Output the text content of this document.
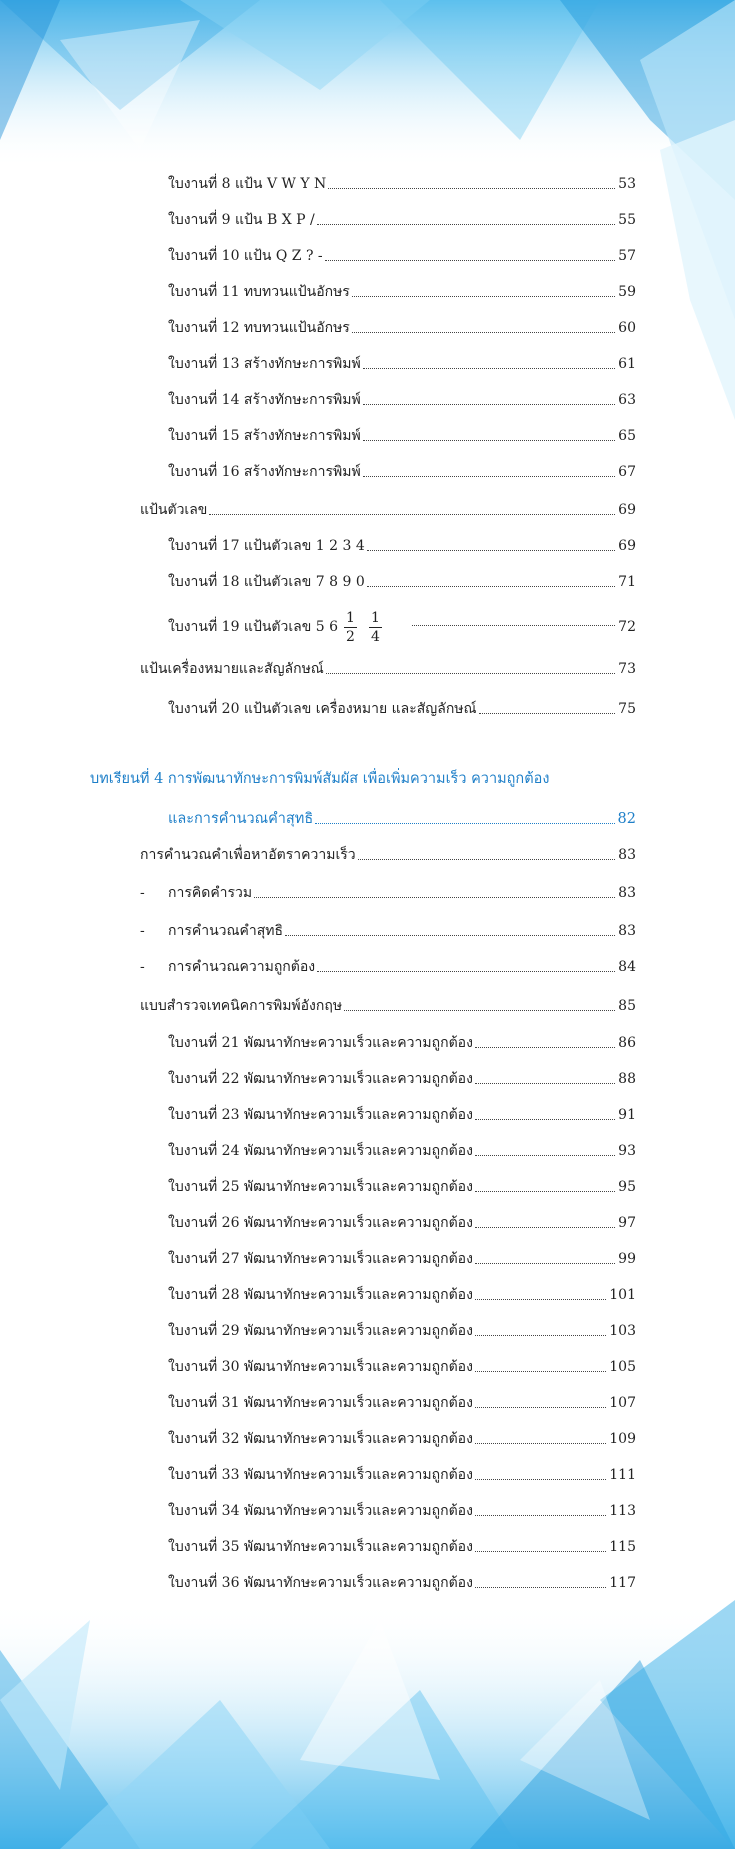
ใบงานที่ 8 แป้น V W Y N	53
ใบงานที่ 9 แป้น B X P /	55
ใบงานที่ 10 แป้น Q Z ? -	57
ใบงานที่ 11 ทบทวนแป้นอักษร	59
ใบงานที่ 12 ทบทวนแป้นอักษร	60
ใบงานที่ 13 สร้างทักษะการพิมพ์	61
ใบงานที่ 14 สร้างทักษะการพิมพ์	63
ใบงานที่ 15 สร้างทักษะการพิมพ์	65
ใบงานที่ 16 สร้างทักษะการพิมพ์	67
แป้นตัวเลข	69
ใบงานที่ 17 แป้นตัวเลข 1 2 3 4	69
ใบงานที่ 18 แป้นตัวเลข 7 8 9 0	71
ใบงานที่ 19 แป้นตัวเลข 5 $6 \frac{1}{2} \frac{1}{4}$	72
แป้นเครื่องหมายและสัญลักษณ์	73
ใบงานที่ 20 แป้นตัวเลข เครื่องหมาย และสัญลักษณ์	75
บทเรียนที่ 4 การพัฒนาทักษะการพิมพ์สัมผัส เพื่อเพิ่มความเร็ว ความถูกต้อง
และการคำนวณคำสุทธิ	82
การคำนวณคำเพื่อหาอัตราความเร็ว	83
-	การคิดคำรวม	83
-	การคำนวณคำสุทธิ	83
-	การคำนวณความถูกต้อง	84
แบบสำรวจเทคนิคการพิมพ์อังกฤษ	85
ใบงานที่ 21 พัฒนาทักษะความเร็วและความถูกต้อง	86
ใบงานที่ 22 พัฒนาทักษะความเร็วและความถูกต้อง	88
ใบงานที่ 23 พัฒนาทักษะความเร็วและความถูกต้อง	91
ใบงานที่ 24 พัฒนาทักษะความเร็วและความถูกต้อง	93
ใบงานที่ 25 พัฒนาทักษะความเร็วและความถูกต้อง	95
ใบงานที่ 26 พัฒนาทักษะความเร็วและความถูกต้อง	97
ใบงานที่ 27 พัฒนาทักษะความเร็วและความถูกต้อง	99
ใบงานที่ 28 พัฒนาทักษะความเร็วและความถูกต้อง	101
ใบงานที่ 29 พัฒนาทักษะความเร็วและความถูกต้อง	103
ใบงานที่ 30 พัฒนาทักษะความเร็วและความถูกต้อง	105
ใบงานที่ 31 พัฒนาทักษะความเร็วและความถูกต้อง	107
ใบงานที่ 32 พัฒนาทักษะความเร็วและความถูกต้อง	109
ใบงานที่ 33 พัฒนาทักษะความเร็วและความถูกต้อง	111
ใบงานที่ 34 พัฒนาทักษะความเร็วและความถูกต้อง	113
ใบงานที่ 35 พัฒนาทักษะความเร็วและความถูกต้อง	115
ใบงานที่ 36 พัฒนาทักษะความเร็วและความถูกต้อง	117
